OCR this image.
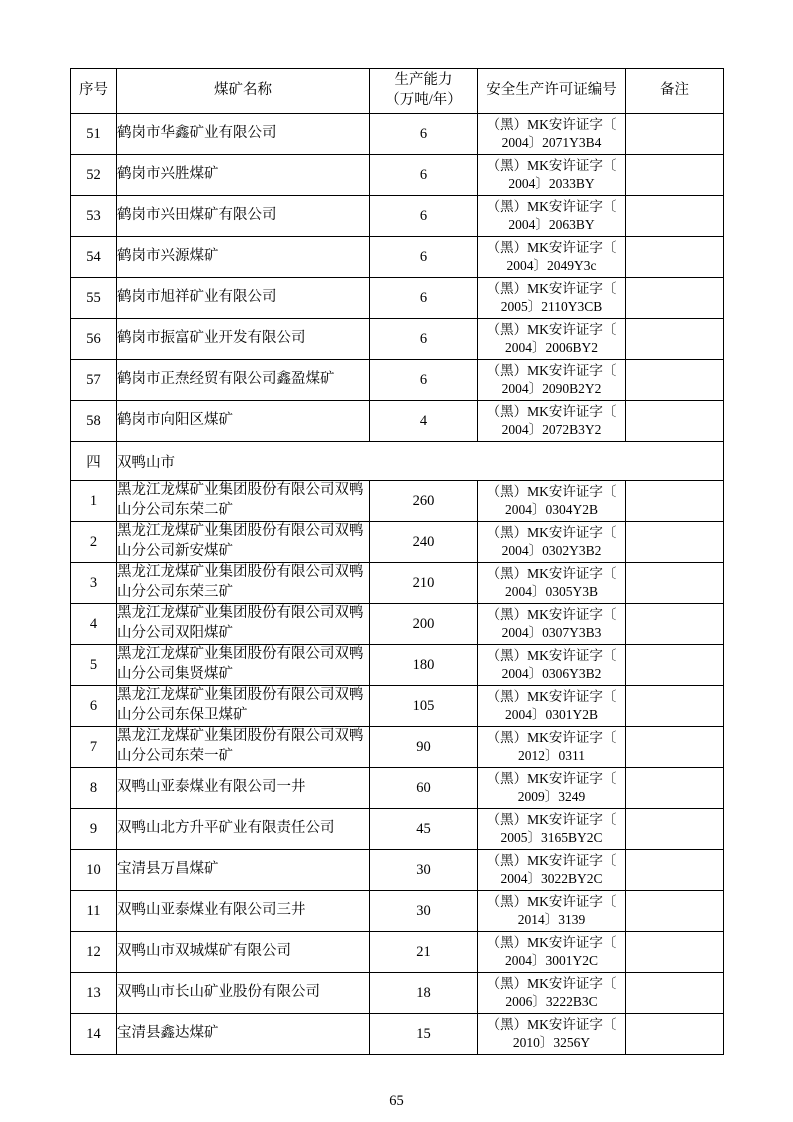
序号	煤矿名称	生产能力
（万吨/年）	安全生产许可证编号	备注
51	鹤岗市华鑫矿业有限公司	6	（黑）MK安许证字〔
2004〕2071Y3B4	

52	鹤岗市兴胜煤矿	6	（黑）MK安许证字〔
2004〕2033BY	

53	鹤岗市兴田煤矿有限公司	6	（黑）MK安许证字〔
2004〕2063BY	

54	鹤岗市兴源煤矿	6	（黑）MK安许证字〔
2004〕2049Y3c	

55	鹤岗市旭祥矿业有限公司	6	（黑）MK安许证字〔
2005〕2110Y3CB	

56	鹤岗市振富矿业开发有限公司	6	（黑）MK安许证字〔
2004〕2006BY2	

57	鹤岗市正焘经贸有限公司鑫盈煤矿	6	（黑）MK安许证字〔
2004〕2090B2Y2	

58	鹤岗市向阳区煤矿	4	（黑）MK安许证字〔
2004〕2072B3Y2	

四	双鸭山市			
1	黑龙江龙煤矿业集团股份有限公司双鸭山分公司东荣二矿	260	（黑）MK安许证字〔
2004〕0304Y2B	

2	黑龙江龙煤矿业集团股份有限公司双鸭山分公司新安煤矿	240	（黑）MK安许证字〔
2004〕0302Y3B2	

3	黑龙江龙煤矿业集团股份有限公司双鸭山分公司东荣三矿	210	（黑）MK安许证字〔
2004〕0305Y3B	

4	黑龙江龙煤矿业集团股份有限公司双鸭山分公司双阳煤矿	200	（黑）MK安许证字〔
2004〕0307Y3B3	

5	黑龙江龙煤矿业集团股份有限公司双鸭山分公司集贤煤矿	180	（黑）MK安许证字〔
2004〕0306Y3B2	

6	黑龙江龙煤矿业集团股份有限公司双鸭山分公司东保卫煤矿	105	（黑）MK安许证字〔
2004〕0301Y2B	

7	黑龙江龙煤矿业集团股份有限公司双鸭山分公司东荣一矿	90	（黑）MK安许证字〔
2012〕0311	

8	双鸭山亚泰煤业有限公司一井	60	（黑）MK安许证字〔
2009〕3249	

9	双鸭山北方升平矿业有限责任公司	45	（黑）MK安许证字〔
2005〕3165BY2C	

10	宝清县万昌煤矿	30	（黑）MK安许证字〔
2004〕3022BY2C	

11	双鸭山亚泰煤业有限公司三井	30	（黑）MK安许证字〔
2014〕3139	

12	双鸭山市双城煤矿有限公司	21	（黑）MK安许证字〔
2004〕3001Y2C	

13	双鸭山市长山矿业股份有限公司	18	（黑）MK安许证字〔
2006〕3222B3C	

14	宝清县鑫达煤矿	15	（黑）MK安许证字〔
2010〕3256Y	

65
